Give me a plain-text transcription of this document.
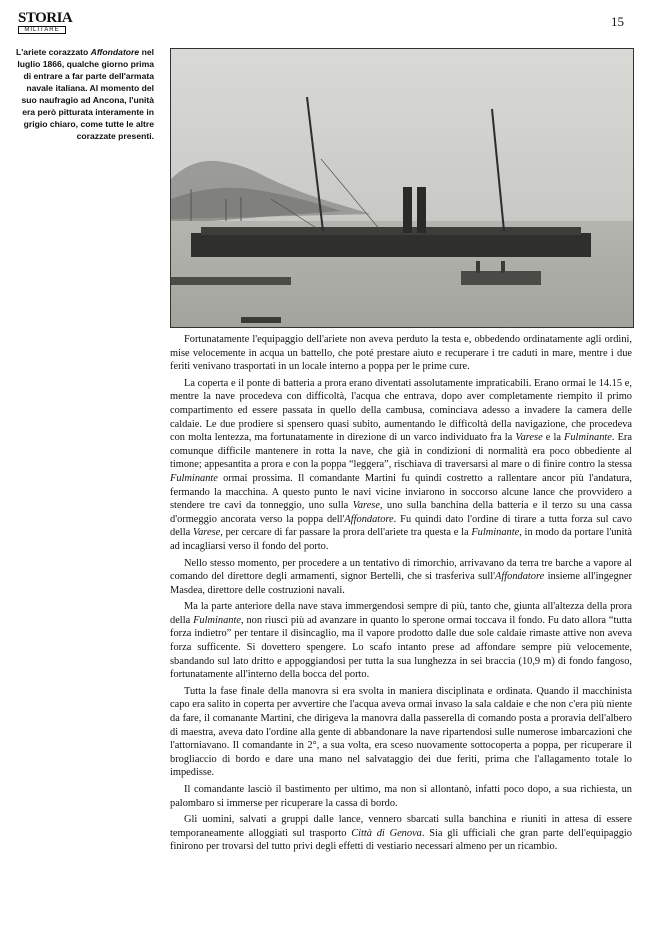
STORIA
MILITARE
15
L'ariete corazzato Affondatore nel luglio 1866, qualche giorno prima di entrare a far parte dell'armata navale italiana. Al momento del suo naufragio ad Ancona, l'unità era però pitturata interamente in grigio chiaro, come tutte le altre corazzate presenti.

Fortunatamente l'equipaggio dell'ariete non aveva perduto la testa e, obbedendo ordinatamente agli ordini, mise velocemente in acqua un battello, che poté prestare aiuto e recuperare i tre caduti in mare, mentre i due feriti venivano trasportati in un locale interno a poppa per le prime cure.

La coperta e il ponte di batteria a prora erano diventati assolutamente impraticabili. Erano ormai le 14.15 e, mentre la nave procedeva con difficoltà, l'acqua che entrava, dopo aver completamente riempito il primo compartimento ed essere passata in quello della cambusa, cominciava adesso a invadere la camera delle caldaie. Le due prodiere si spensero quasi subito, aumentando le difficoltà della navigazione, che procedeva con molta lentezza, ma fortunatamente in direzione di un varco individuato fra la Varese e la Fulminante. Era comunque difficile mantenere in rotta la nave, che già in condizioni di normalità era poco obbediente al timone; appesantita a prora e con la poppa “leggera”, rischiava di traversarsi al mare o di finire contro la stessa Fulminante ormai prossima. Il comandante Martini fu quindi costretto a rallentare ancor più l'andatura, fermando la macchina. A questo punto le navi vicine inviarono in soccorso alcune lance che provvidero a stendere tre cavi da tonneggio, uno sulla Varese, uno sulla banchina della batteria e il terzo su una cassa d'ormeggio ancorata verso la poppa dell'Affondatore. Fu quindi dato l'ordine di tirare a tutta forza sul cavo della Varese, per cercare di far passare la prora dell'ariete tra questa e la Fulminante, in modo da portare l'unità ad incagliarsi verso il fondo del porto.

Nello stesso momento, per procedere a un tentativo di rimorchio, arrivavano da terra tre barche a vapore al comando del direttore degli armamenti, signor Bertelli, che si trasferiva sull'Affondatore insieme all'ingegner Masdea, direttore delle costruzioni navali.

Ma la parte anteriore della nave stava immergendosi sempre di più, tanto che, giunta all'altezza della prora della Fulminante, non riuscì più ad avanzare in quanto lo sperone ormai toccava il fondo. Fu dato allora “tutta forza indietro” per tentare il disincaglio, ma il vapore prodotto dalle due sole caldaie rimaste attive non aveva forza sufficente. Si dovettero spengere. Lo scafo intanto prese ad affondare sempre più velocemente, sbandando sul lato dritto e appoggiandosi per tutta la sua lunghezza in sei braccia (10,9 m) di fondo fangoso, fortunatamente all'interno della bocca del porto.

Tutta la fase finale della manovra si era svolta in maniera disciplinata e ordinata. Quando il macchinista capo era salito in coperta per avvertire che l'acqua aveva ormai invaso la sala caldaie e che non c'era più niente da fare, il comanante Martini, che dirigeva la manovra dalla passerella di comando posta a proravia dell'albero di maestra, aveva dato l'ordine alla gente di abbandonare la nave ripartendosi sulle numerose imbarcazioni che l'attorniavano. Il comandante in 2°, a sua volta, era sceso nuovamente sottocoperta a poppa, per ricuperare il brogliaccio di bordo e dare una mano nel salvataggio dei due feriti, prima che l'allagamento totale lo impedisse.

Il comandante lasciò il bastimento per ultimo, ma non si allontanò, infatti poco dopo, a sua richiesta, un palombaro si immerse per ricuperare la cassa di bordo.

Gli uomini, salvati a gruppi dalle lance, vennero sbarcati sulla banchina e riuniti in attesa di essere temporaneamente alloggiati sul trasporto Città di Genova. Sia gli ufficiali che gran parte dell'equipaggio finirono per trovarsi del tutto privi degli effetti di vestiario necessari almeno per un ricambio.
